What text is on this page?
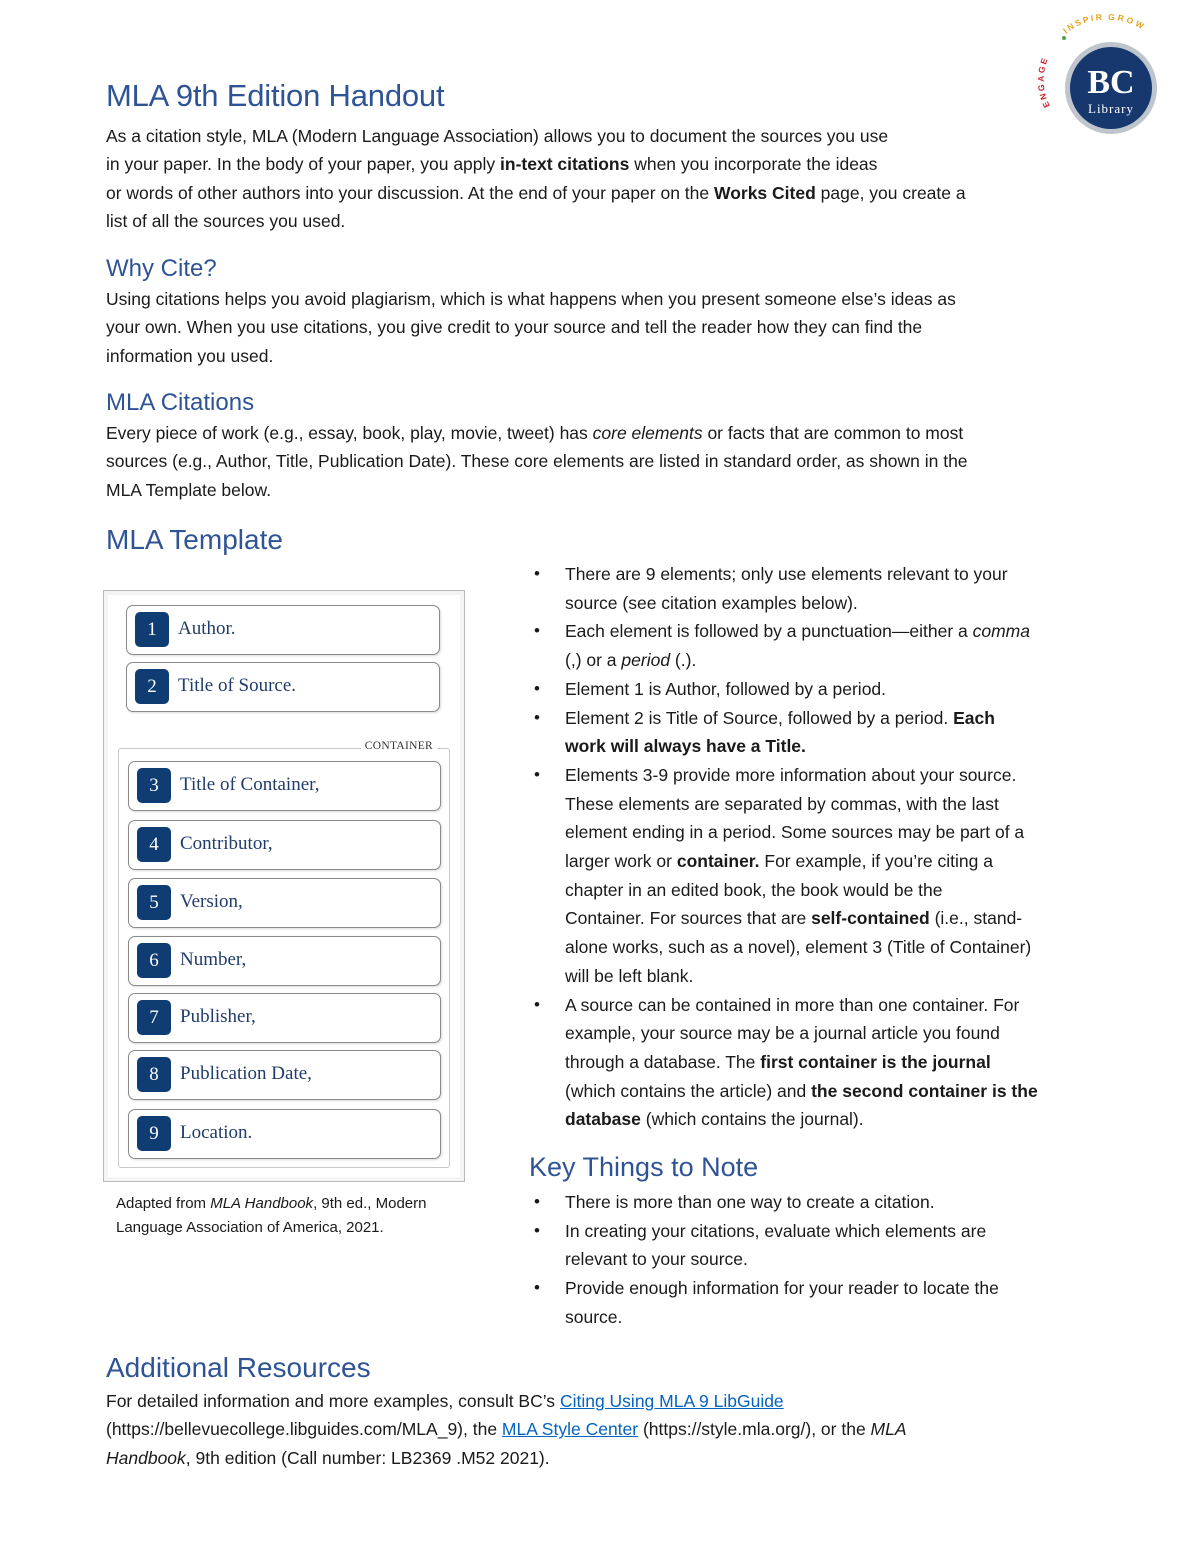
BC
Library
ENGAGE
INSPIR GROW
MLA 9th Edition Handout
As a citation style, MLA (Modern Language Association) allows you to document the sources you use
in your paper. In the body of your paper, you apply in-text citations when you incorporate the ideas
or words of other authors into your discussion. At the end of your paper on the Works Cited page, you create a
list of all the sources you used.
Why Cite?
Using citations helps you avoid plagiarism, which is what happens when you present someone else’s ideas as
your own. When you use citations, you give credit to your source and tell the reader how they can find the
information you used.
MLA Citations
Every piece of work (e.g., essay, book, play, movie, tweet) has core elements or facts that are common to most
sources (e.g., Author, Title, Publication Date). These core elements are listed in standard order, as shown in the
MLA Template below.
MLA Template
1	Author.
2	Title of Source.
CONTAINER
3	Title of Container,
4	Contributor,
5	Version,
6	Number,
7	Publisher,
8	Publication Date,
9	Location.
Adapted from MLA Handbook, 9th ed., Modern
Language Association of America, 2021.
• There are 9 elements; only use elements relevant to your
source (see citation examples below).
• Each element is followed by a punctuation—either a comma
(,) or a period (.).
• Element 1 is Author, followed by a period.
• Element 2 is Title of Source, followed by a period. Each
work will always have a Title.
• Elements 3-9 provide more information about your source.
These elements are separated by commas, with the last
element ending in a period. Some sources may be part of a
larger work or container. For example, if you’re citing a
chapter in an edited book, the book would be the
Container. For sources that are self-contained (i.e., stand-
alone works, such as a novel), element 3 (Title of Container)
will be left blank.
• A source can be contained in more than one container. For
example, your source may be a journal article you found
through a database. The first container is the journal
(which contains the article) and the second container is the
database (which contains the journal).
Key Things to Note
• There is more than one way to create a citation.
• In creating your citations, evaluate which elements are
relevant to your source.
• Provide enough information for your reader to locate the
source.
Additional Resources
For detailed information and more examples, consult BC’s Citing Using MLA 9 LibGuide
(https://bellevuecollege.libguides.com/MLA_9), the MLA Style Center (https://style.mla.org/), or the MLA
Handbook, 9th edition (Call number: LB2369 .M52 2021).
